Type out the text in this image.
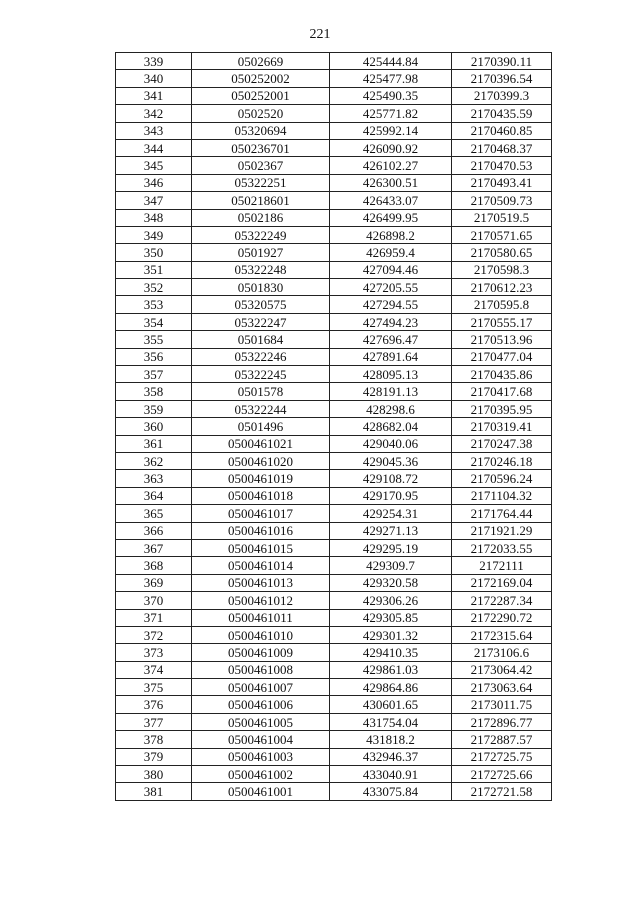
221
339	0502669	425444.84	2170390.11
340	050252002	425477.98	2170396.54
341	050252001	425490.35	2170399.3
342	0502520	425771.82	2170435.59
343	05320694	425992.14	2170460.85
344	050236701	426090.92	2170468.37
345	0502367	426102.27	2170470.53
346	05322251	426300.51	2170493.41
347	050218601	426433.07	2170509.73
348	0502186	426499.95	2170519.5
349	05322249	426898.2	2170571.65
350	0501927	426959.4	2170580.65
351	05322248	427094.46	2170598.3
352	0501830	427205.55	2170612.23
353	05320575	427294.55	2170595.8
354	05322247	427494.23	2170555.17
355	0501684	427696.47	2170513.96
356	05322246	427891.64	2170477.04
357	05322245	428095.13	2170435.86
358	0501578	428191.13	2170417.68
359	05322244	428298.6	2170395.95
360	0501496	428682.04	2170319.41
361	0500461021	429040.06	2170247.38
362	0500461020	429045.36	2170246.18
363	0500461019	429108.72	2170596.24
364	0500461018	429170.95	2171104.32
365	0500461017	429254.31	2171764.44
366	0500461016	429271.13	2171921.29
367	0500461015	429295.19	2172033.55
368	0500461014	429309.7	2172111
369	0500461013	429320.58	2172169.04
370	0500461012	429306.26	2172287.34
371	0500461011	429305.85	2172290.72
372	0500461010	429301.32	2172315.64
373	0500461009	429410.35	2173106.6
374	0500461008	429861.03	2173064.42
375	0500461007	429864.86	2173063.64
376	0500461006	430601.65	2173011.75
377	0500461005	431754.04	2172896.77
378	0500461004	431818.2	2172887.57
379	0500461003	432946.37	2172725.75
380	0500461002	433040.91	2172725.66
381	0500461001	433075.84	2172721.58
